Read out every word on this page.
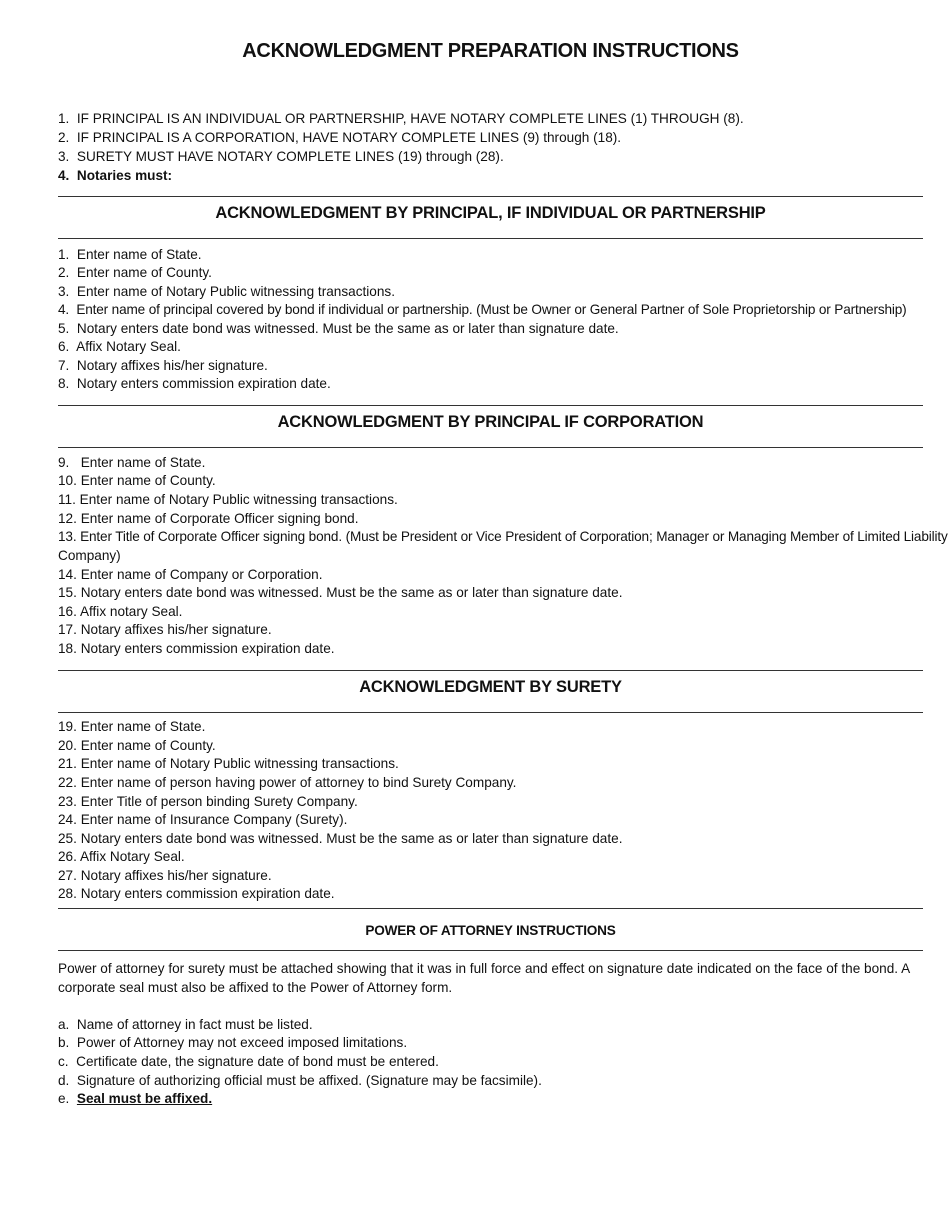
ACKNOWLEDGMENT PREPARATION INSTRUCTIONS
1. IF PRINCIPAL IS AN INDIVIDUAL OR PARTNERSHIP, HAVE NOTARY COMPLETE LINES (1) THROUGH (8).
2. IF PRINCIPAL IS A CORPORATION, HAVE NOTARY COMPLETE LINES (9) through (18).
3. SURETY MUST HAVE NOTARY COMPLETE LINES (19) through (28).
4. Notaries must:
ACKNOWLEDGMENT BY PRINCIPAL, IF INDIVIDUAL OR PARTNERSHIP
1. Enter name of State.
2. Enter name of County.
3. Enter name of Notary Public witnessing transactions.
4. Enter name of principal covered by bond if individual or partnership. (Must be Owner or General Partner of Sole Proprietorship or Partnership)
5. Notary enters date bond was witnessed. Must be the same as or later than signature date.
6. Affix Notary Seal.
7. Notary affixes his/her signature.
8. Notary enters commission expiration date.
ACKNOWLEDGMENT BY PRINCIPAL IF CORPORATION
9. Enter name of State.
10. Enter name of County.
11. Enter name of Notary Public witnessing transactions.
12. Enter name of Corporate Officer signing bond.
13. Enter Title of Corporate Officer signing bond. (Must be President or Vice President of Corporation; Manager or Managing Member of Limited Liability
Company)
14. Enter name of Company or Corporation.
15. Notary enters date bond was witnessed. Must be the same as or later than signature date.
16. Affix notary Seal.
17. Notary affixes his/her signature.
18. Notary enters commission expiration date.
ACKNOWLEDGMENT BY SURETY
19. Enter name of State.
20. Enter name of County.
21. Enter name of Notary Public witnessing transactions.
22. Enter name of person having power of attorney to bind Surety Company.
23. Enter Title of person binding Surety Company.
24. Enter name of Insurance Company (Surety).
25. Notary enters date bond was witnessed. Must be the same as or later than signature date.
26. Affix Notary Seal.
27. Notary affixes his/her signature.
28. Notary enters commission expiration date.
POWER OF ATTORNEY INSTRUCTIONS
Power of attorney for surety must be attached showing that it was in full force and effect on signature date indicated on the face of the bond. A corporate seal must also be affixed to the Power of Attorney form.
a. Name of attorney in fact must be listed.
b. Power of Attorney may not exceed imposed limitations.
c. Certificate date, the signature date of bond must be entered.
d. Signature of authorizing official must be affixed. (Signature may be facsimile).
e. Seal must be affixed.
